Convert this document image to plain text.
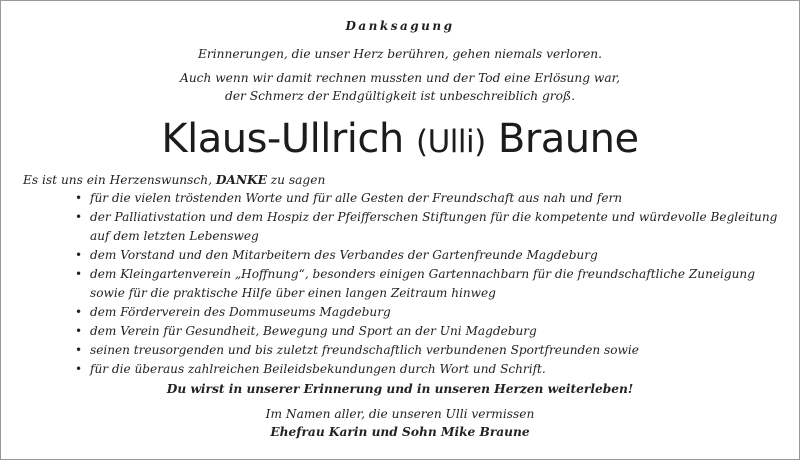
Danksagung
Erinnerungen, die unser Herz berühren, gehen niemals verloren.
Auch wenn wir damit rechnen mussten und der Tod eine Erlösung war,
der Schmerz der Endgültigkeit ist unbeschreiblich groß.
Klaus-Ullrich (Ulli) Braune
Es ist uns ein Herzenswunsch, DANKE zu sagen
• für die vielen tröstenden Worte und für alle Gesten der Freundschaft aus nah und fern
• der Palliativstation und dem Hospiz der Pfeifferschen Stiftungen für die kompetente und würdevolle Begleitung auf dem letzten Lebensweg
• dem Vorstand und den Mitarbeitern des Verbandes der Gartenfreunde Magdeburg
• dem Kleingartenverein „Hoffnung“, besonders einigen Gartennachbarn für die freundschaftliche Zuneigung sowie für die praktische Hilfe über einen langen Zeitraum hinweg
• dem Förderverein des Dommuseums Magdeburg
• dem Verein für Gesundheit, Bewegung und Sport an der Uni Magdeburg
• seinen treusorgenden und bis zuletzt freundschaftlich verbundenen Sportfreunden sowie
• für die überaus zahlreichen Beileidsbekundungen durch Wort und Schrift.
Du wirst in unserer Erinnerung und in unseren Herzen weiterleben!
Im Namen aller, die unseren Ulli vermissen
Ehefrau Karin und Sohn Mike Braune
